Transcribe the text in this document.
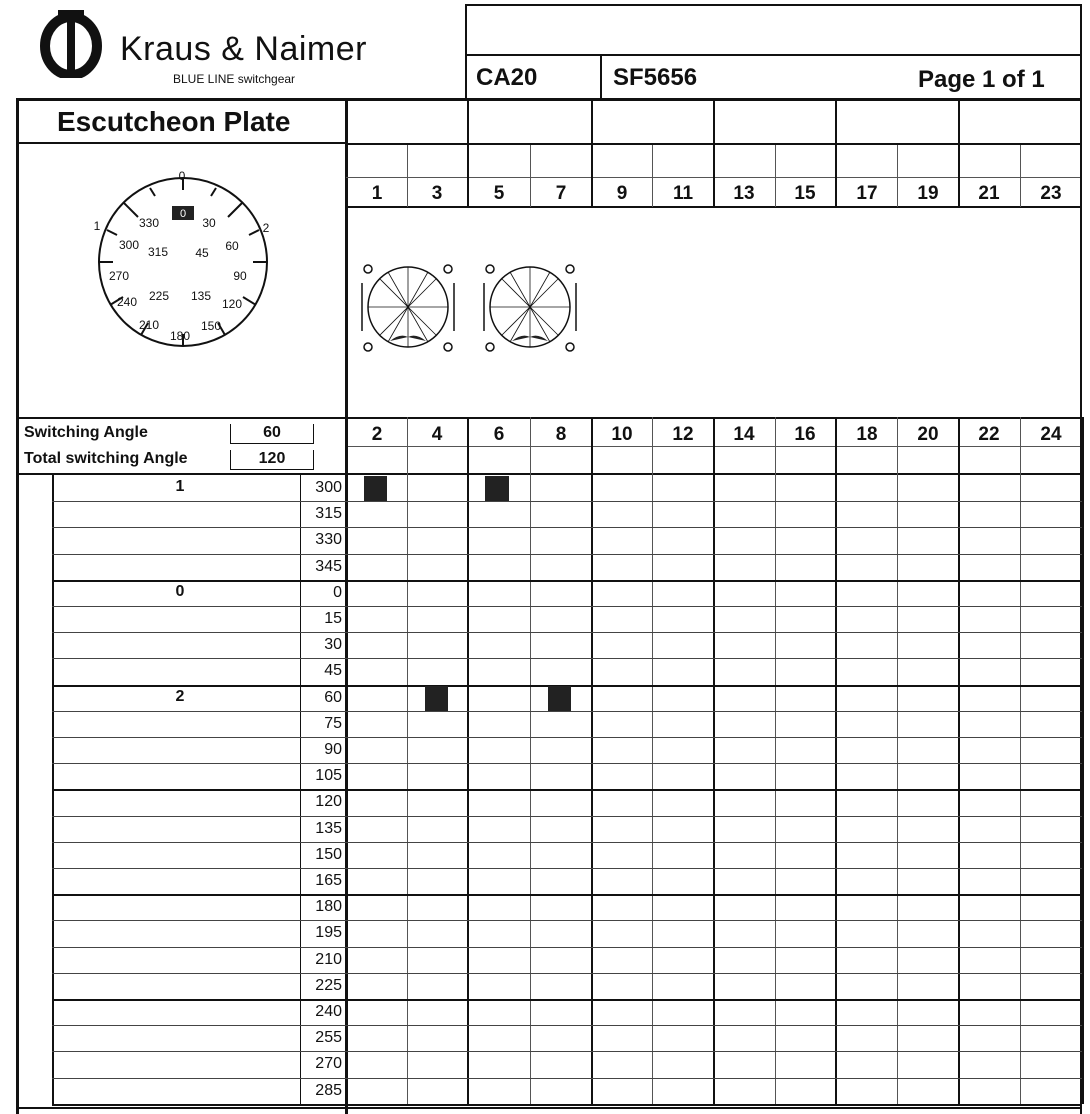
Kraus & Naimer
BLUE LINE switchgear	CA20	SF5656	Page 1 of 1
Escutcheon Plate
0
0
1	2
330	30
300 315 45 60
270	90
240 225 135
120
210
180
150
Switching Angle	60
Total switching Angle	120
1	3	5	7	9	11	13	15	17	19	21	23
2	4	6	8	10	12	14	16	18	20	22	24
1	300
315
330
345
0	0
15
30
45
2	60
75
90
105
120
135
150
165
180
195
210
225
240
255
270
285
